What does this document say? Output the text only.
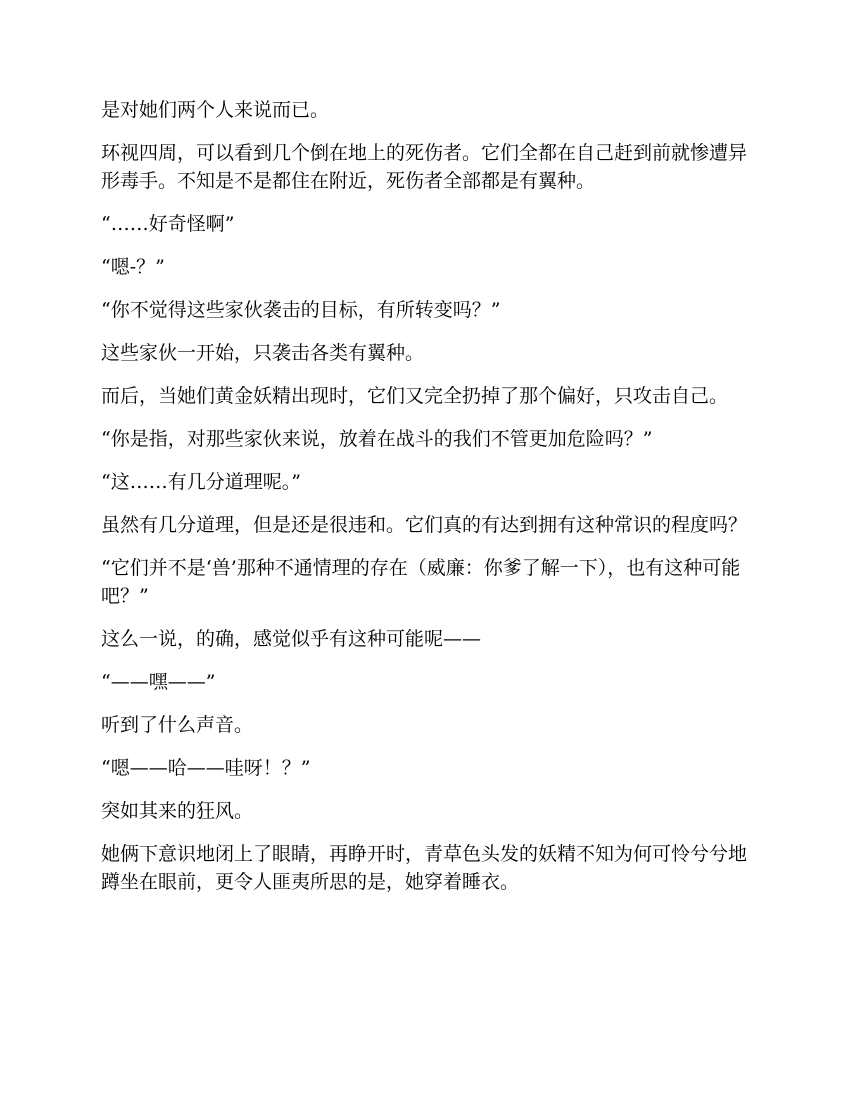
是对她们两个人来说而已。

环视四周，可以看到几个倒在地上的死伤者。它们全都在自己赶到前就惨遭异形毒手。不知是不是都住在附近，死伤者全部都是有翼种。

“……好奇怪啊”

“嗯-？”

“你不觉得这些家伙袭击的目标，有所转变吗？”

这些家伙一开始，只袭击各类有翼种。

而后，当她们黄金妖精出现时，它们又完全扔掉了那个偏好，只攻击自己。

“你是指，对那些家伙来说，放着在战斗的我们不管更加危险吗？”

“这……有几分道理呢。”

虽然有几分道理，但是还是很违和。它们真的有达到拥有这种常识的程度吗？

“它们并不是‘兽’那种不通情理的存在（威廉：你爹了解一下），也有这种可能吧？”

这么一说，的确，感觉似乎有这种可能呢——

“——嘿——”

听到了什么声音。

“嗯——哈——哇呀！？”

突如其来的狂风。

她俩下意识地闭上了眼睛，再睁开时，青草色头发的妖精不知为何可怜兮兮地蹲坐在眼前，更令人匪夷所思的是，她穿着睡衣。
